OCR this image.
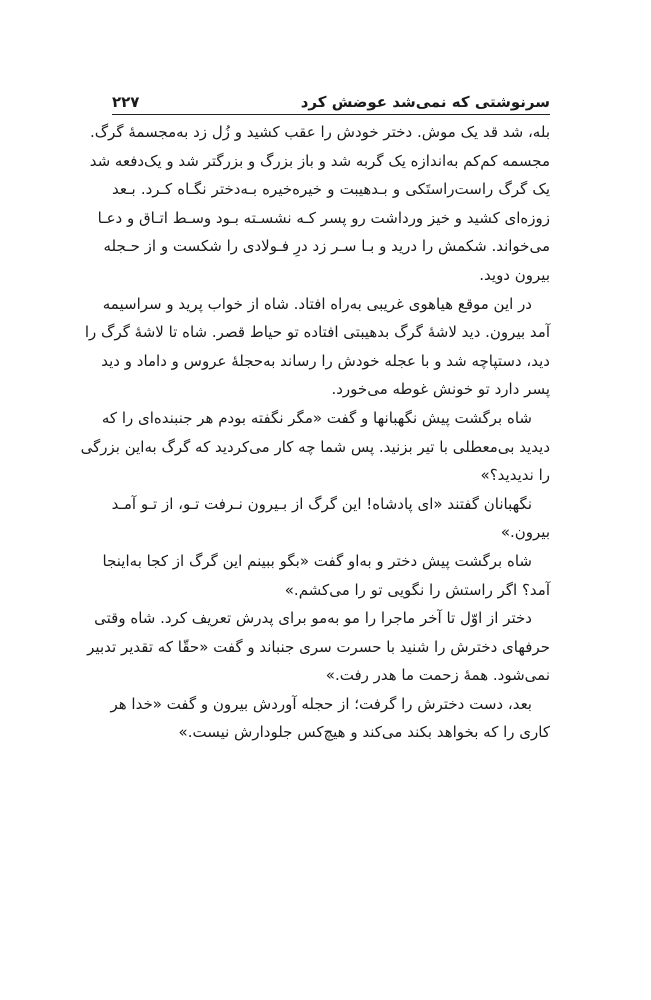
سرنوشتی که نمی‌شد عوضش کرد
۲۲۷
بله، شد قد یک موش. دختر خودش را عقب کشید و زُل زد به‌مجسمهٔ گرگ.
مجسمه کم‌کم به‌اندازه یک گربه شد و باز بزرگ و بزرگتر شد و یک‌دفعه شد
یک گرگ راست‌راستَکی و بـدهیبت و خیره‌خیره بـه‌دختر نگـاه کـرد. بـعد
زوزه‌ای کشید و خیز ورداشت رو پسر کـه نشسـته بـود وسـط اتـاق و دعـا
می‌خواند. شکمش را درید و بـا سـر زد درِ فـولادی را شکست و از حـجله
بیرون دوید.
در این موقع هیاهوی غریبی به‌راه افتاد. شاه از خواب پرید و سراسیمه
آمد بیرون. دید لاشهٔ گرگ بدهیبتی افتاده تو حیاط قصر. شاه تا لاشهٔ گرگ را
دید، دستپاچه شد و با عجله خودش را رساند به‌حجلهٔ عروس و داماد و دید
پسر دارد تو خونش غوطه می‌خورد.
شاه برگشت پیش نگهبانها و گفت «مگر نگفته بودم هر جنبنده‌ای را که
دیدید بی‌معطلی با تیر بزنید. پس شما چه کار می‌کردید که گرگ به‌این بزرگی
را ندیدید؟»
نگهبانان گفتند «ای پادشاه! این گرگ از بـیرون نـرفت تـو، از تـو آمـد
بیرون.»
شاه برگشت پیش دختر و به‌او گفت «بگو ببینم این گرگ از کجا به‌اینجا
آمد؟ اگر راستش را نگویی تو را می‌کشم.»
دختر از اوّل تا آخر ماجرا را مو به‌مو برای پدرش تعریف کرد. شاه وقتی
حرفهای دخترش را شنید با حسرت سری جنباند و گفت «حقّا که تقدیر تدبیر
نمی‌شود. همهٔ زحمت ما هدر رفت.»
بعد، دست دخترش را گرفت؛ از حجله آوردش بیرون و گفت «خدا هر
کاری را که بخواهد بکند می‌کند و هیچ‌کس جلودارش نیست.»
